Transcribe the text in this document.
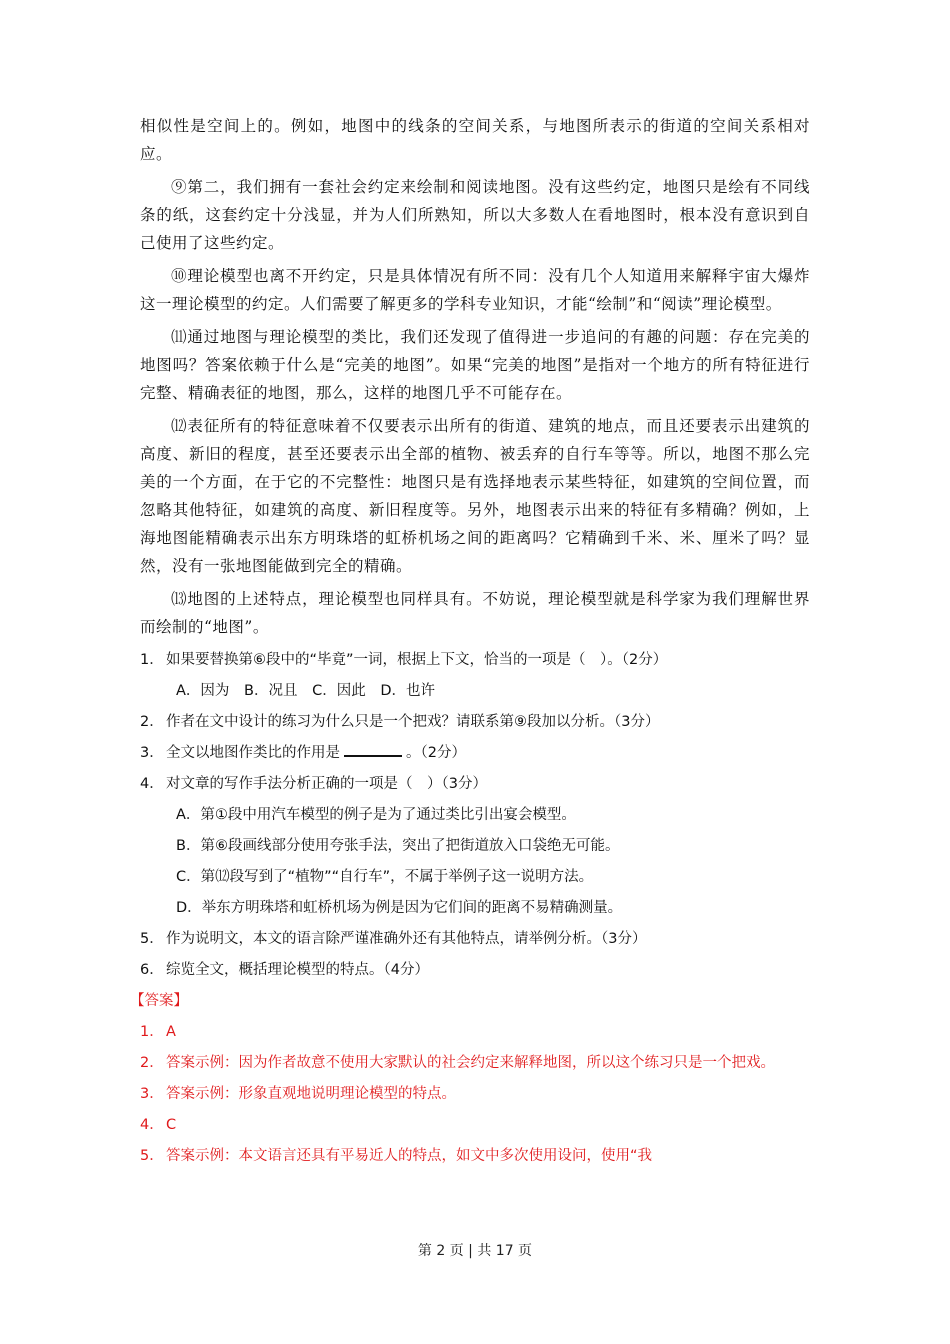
相似性是空间上的。例如，地图中的线条的空间关系，与地图所表示的街道的空间关系相对应。

⑨第二，我们拥有一套社会约定来绘制和阅读地图。没有这些约定，地图只是绘有不同线条的纸，这套约定十分浅显，并为人们所熟知，所以大多数人在看地图时，根本没有意识到自己使用了这些约定。

⑩理论模型也离不开约定，只是具体情况有所不同：没有几个人知道用来解释宇宙大爆炸这一理论模型的约定。人们需要了解更多的学科专业知识，才能“绘制”和“阅读”理论模型。

⑾通过地图与理论模型的类比，我们还发现了值得进一步追问的有趣的问题：存在完美的地图吗？答案依赖于什么是“完美的地图”。如果“完美的地图”是指对一个地方的所有特征进行完整、精确表征的地图，那么，这样的地图几乎不可能存在。

⑿表征所有的特征意味着不仅要表示出所有的街道、建筑的地点，而且还要表示出建筑的高度、新旧的程度，甚至还要表示出全部的植物、被丢弃的自行车等等。所以，地图不那么完美的一个方面，在于它的不完整性：地图只是有选择地表示某些特征，如建筑的空间位置，而忽略其他特征，如建筑的高度、新旧程度等。另外，地图表示出来的特征有多精确？例如，上海地图能精确表示出东方明珠塔的虹桥机场之间的距离吗？它精确到千米、米、厘米了吗？显然，没有一张地图能做到完全的精确。

⒀地图的上述特点，理论模型也同样具有。不妨说，理论模型就是科学家为我们理解世界而绘制的“地图”。

1． 如果要替换第⑥段中的“毕竟”一词，根据上下文，恰当的一项是（　）。（2分）
A．因为 B．况且 C．因此 D．也许
2． 作者在文中设计的练习为什么只是一个把戏？请联系第⑨段加以分析。（3分）
3． 全文以地图作类比的作用是	。（2分）
4． 对文章的写作手法分析正确的一项是（　）（3分）
A．第①段中用汽车模型的例子是为了通过类比引出宴会模型。
B．第⑥段画线部分使用夸张手法，突出了把街道放入口袋绝无可能。
C．第⑿段写到了“植物”“自行车”，不属于举例子这一说明方法。
D．举东方明珠塔和虹桥机场为例是因为它们间的距离不易精确测量。
5． 作为说明文，本文的语言除严谨准确外还有其他特点，请举例分析。（3分）
6． 综览全文，概括理论模型的特点。（4分）
【答案】
1． A
2． 答案示例：因为作者故意不使用大家默认的社会约定来解释地图，所以这个练习只是一个把戏。
3． 答案示例：形象直观地说明理论模型的特点。
4． C
5． 答案示例：本文语言还具有平易近人的特点，如文中多次使用设问，使用“我
第 2 页 | 共 17 页
